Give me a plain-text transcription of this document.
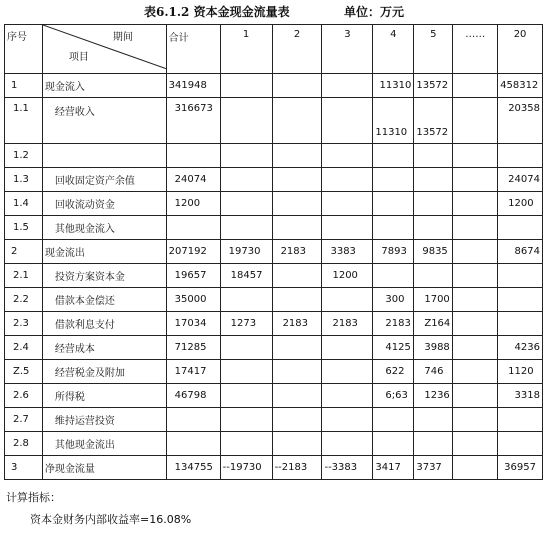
表6.1.2 资本金现金流量表	单位：万元
序号	期间
项目	合计	1	2	3	4	5	……	20
1	现金流入	341948				11310	13572		458312
1.1	经营收入	316673				11310	13572		20358
1.2									
1.3	回收固定资产余值	24074							24074
1.4	回收流动资金	1200							1200
1.5	其他现金流入								
2	现金流出	207192	19730	2183	3383	7893	9835		8674
2.1	投资方案资本金	19657	18457		1200				
2.2	借款本金偿还	35000				300	1700		
2.3	借款利息支付	17034	1273	2183	2183	2183	Z164		
2.4	经营成本	71285				4125	3988		4236
Z.5	经营税金及附加	17417				622	746		1120
2.6	所得税	46798				6;63	1236		3318
2.7	维持运营投资								
2.8	其他现金流出								
3	净现金流量	134755	--19730	--2183	--3383	3417	3737		36957
计算指标：
资本金财务内部收益率=16.08%
